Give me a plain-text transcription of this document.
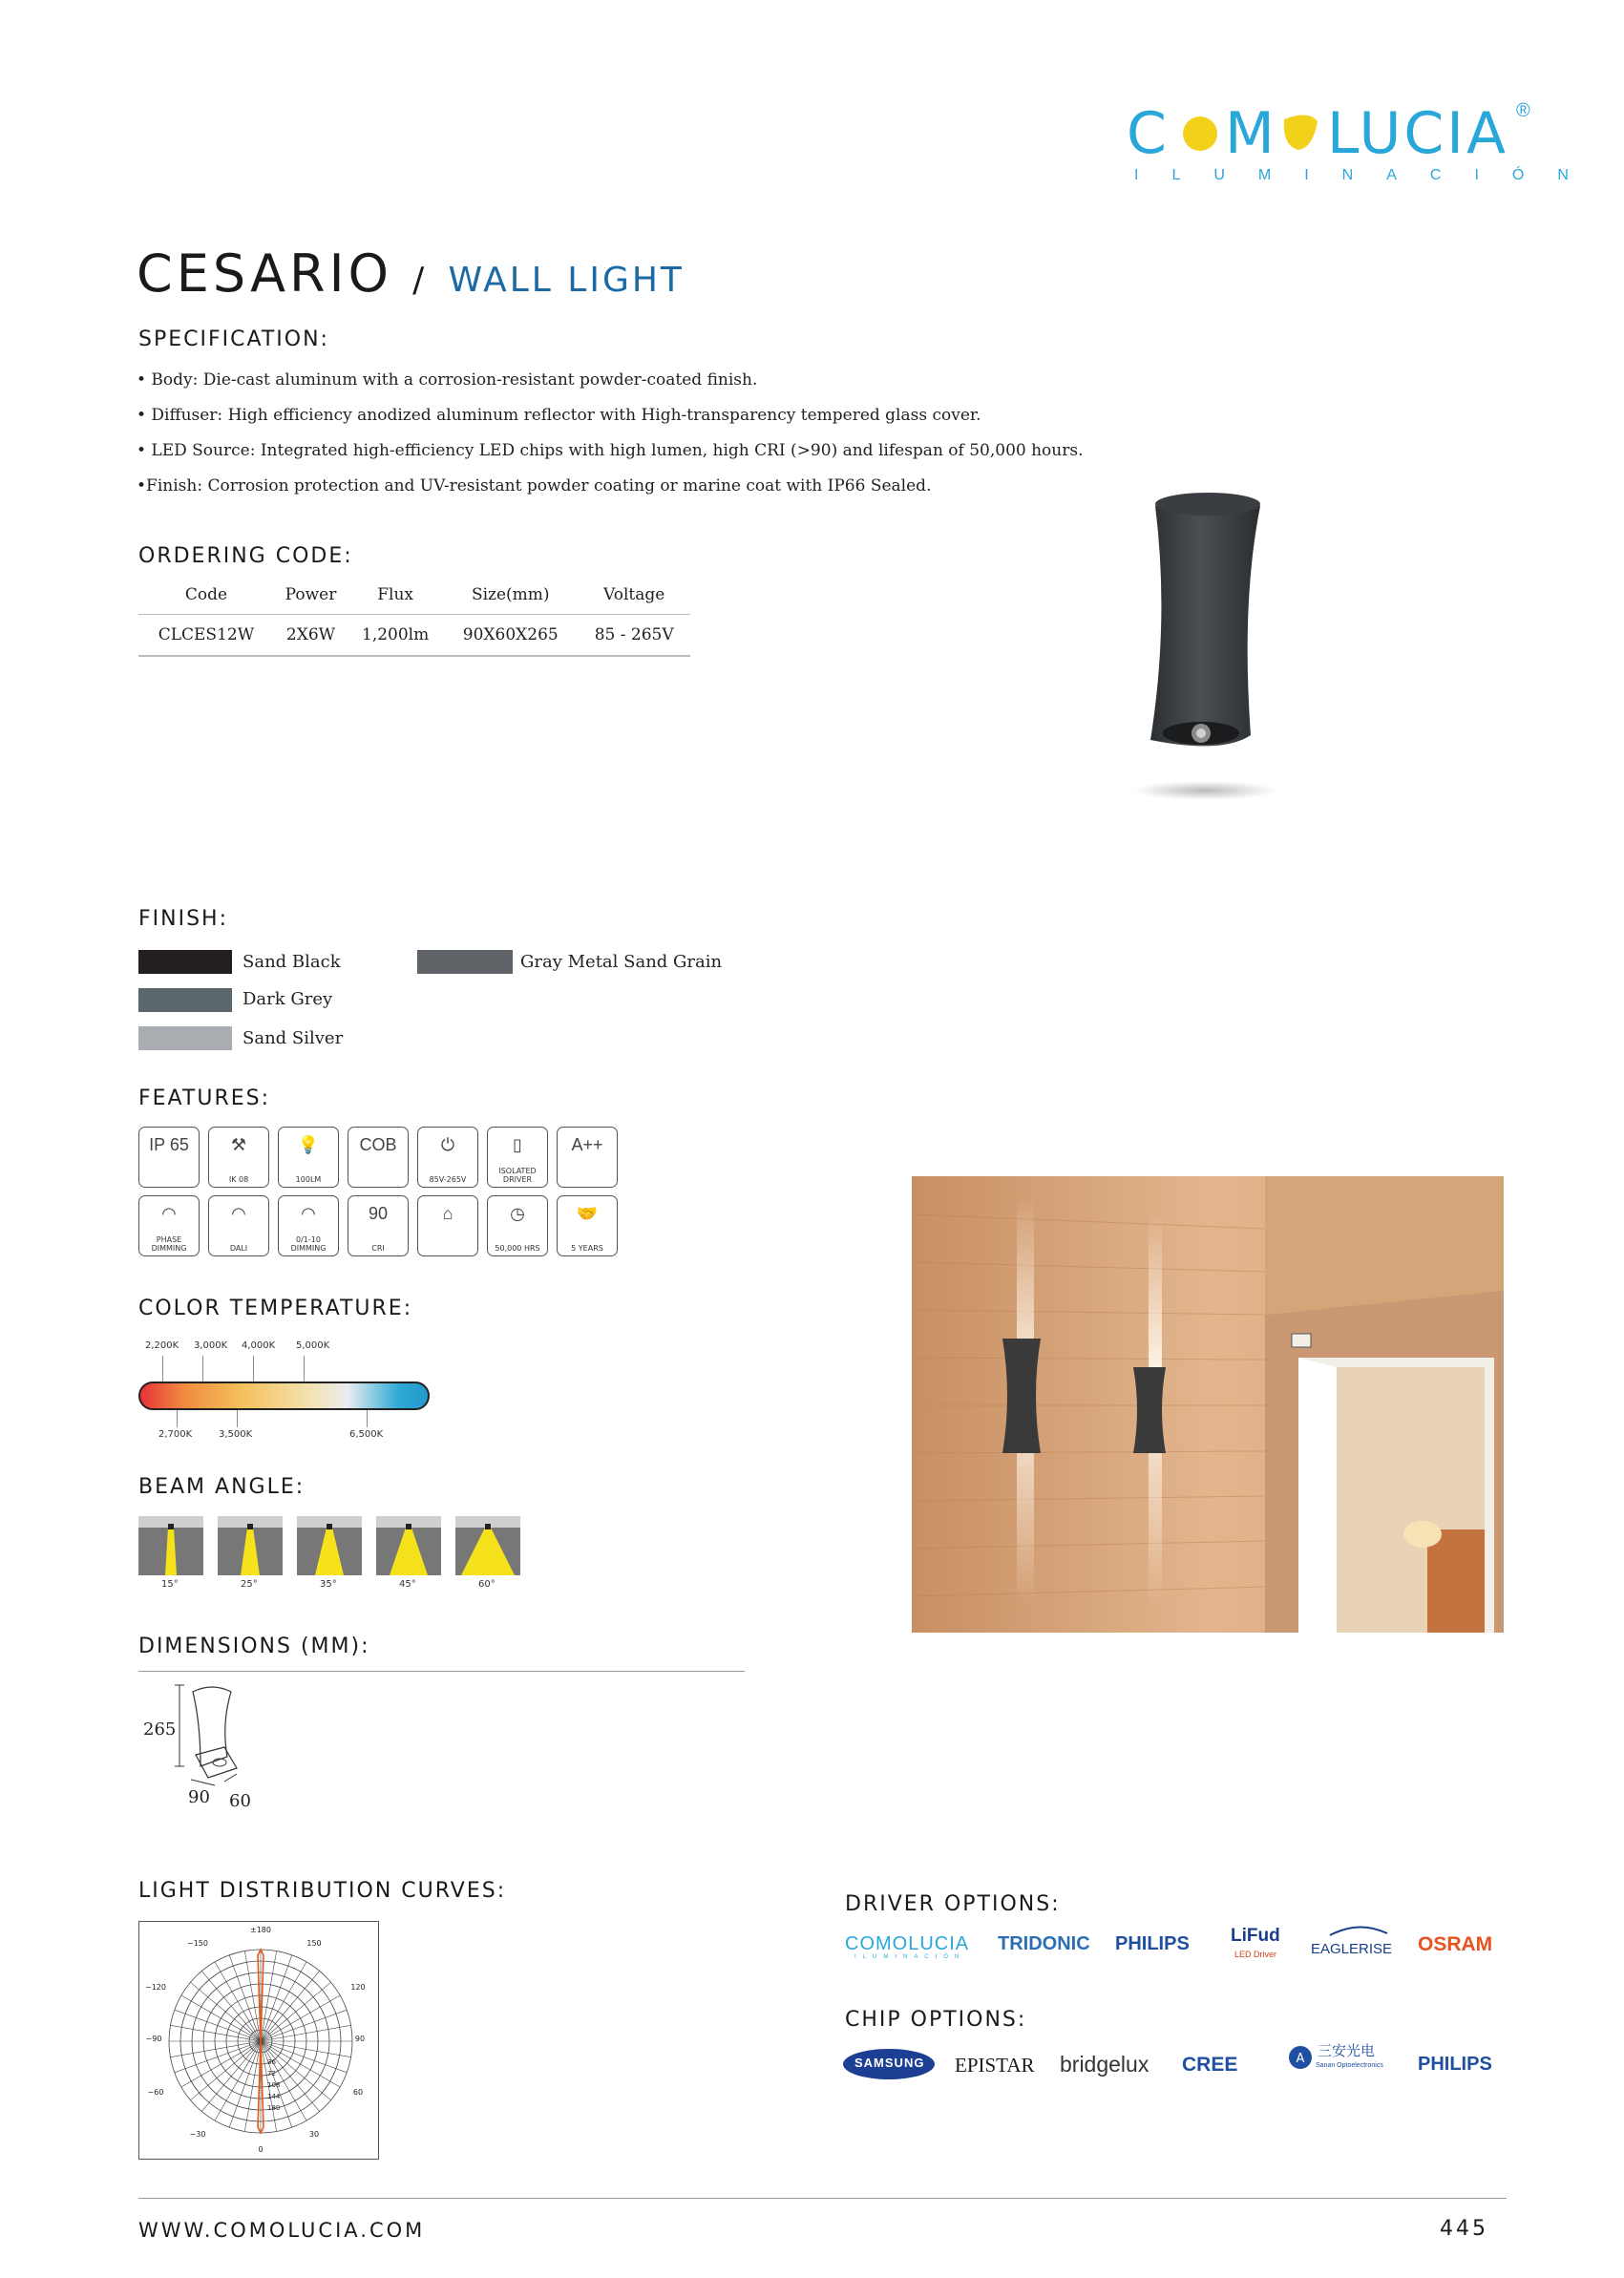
C M LUCIA ®
ILUMINACIÓN
CESARIO / WALL LIGHT
SPECIFICATION:
• Body: Die-cast aluminum with a corrosion-resistant powder-coated finish.
• Diffuser: High efficiency anodized aluminum reflector with High-transparency tempered glass cover.
• LED Source: Integrated high-efficiency LED chips with high lumen, high CRI (>90) and lifespan of 50,000 hours.
•Finish: Corrosion protection and UV-resistant powder coating or marine coat with IP66 Sealed.
ORDERING CODE:
Code	Power	Flux	Size(mm)	Voltage
CLCES12W	2X6W	1,200lm	90X60X265	85 - 265V
FINISH:
Sand Black
Dark Grey
Sand Silver
Gray Metal Sand Grain
FEATURES:
IP 65	⚒
IK 08
💡
100LM
COB	⏻
85V-265V
▯
ISOLATED DRIVER
A++
◠
PHASE DIMMING
◠
DALI
◠
0/1-10 DIMMING
90
CRI
⌂	◷
50,000 HRS
🤝
5 YEARS
COLOR TEMPERATURE:
2,200K 3,000K 4,000K 5,000K
2,700K	3,500K	6,500K
BEAM ANGLE:
15°	25°	35°	45°	60°
DIMENSIONS (MM):
265
90 60
LIGHT DISTRIBUTION CURVES:
±180
−150	150
−120	120
−90	90
−60	60
−30	30
0
36
72
108
144
180
DRIVER OPTIONS:
COMOLUCIA
ILUMINACIÓN
TRIDONIC PHILIPS LiFud
LED Driver EAGLERISE OSRAM
CHIP OPTIONS:
SAMSUNG EPISTAR bridgelux CREE	A 三安光电
Sanan Optoelectronics PHILIPS
WWW.COMOLUCIA.COM	445
